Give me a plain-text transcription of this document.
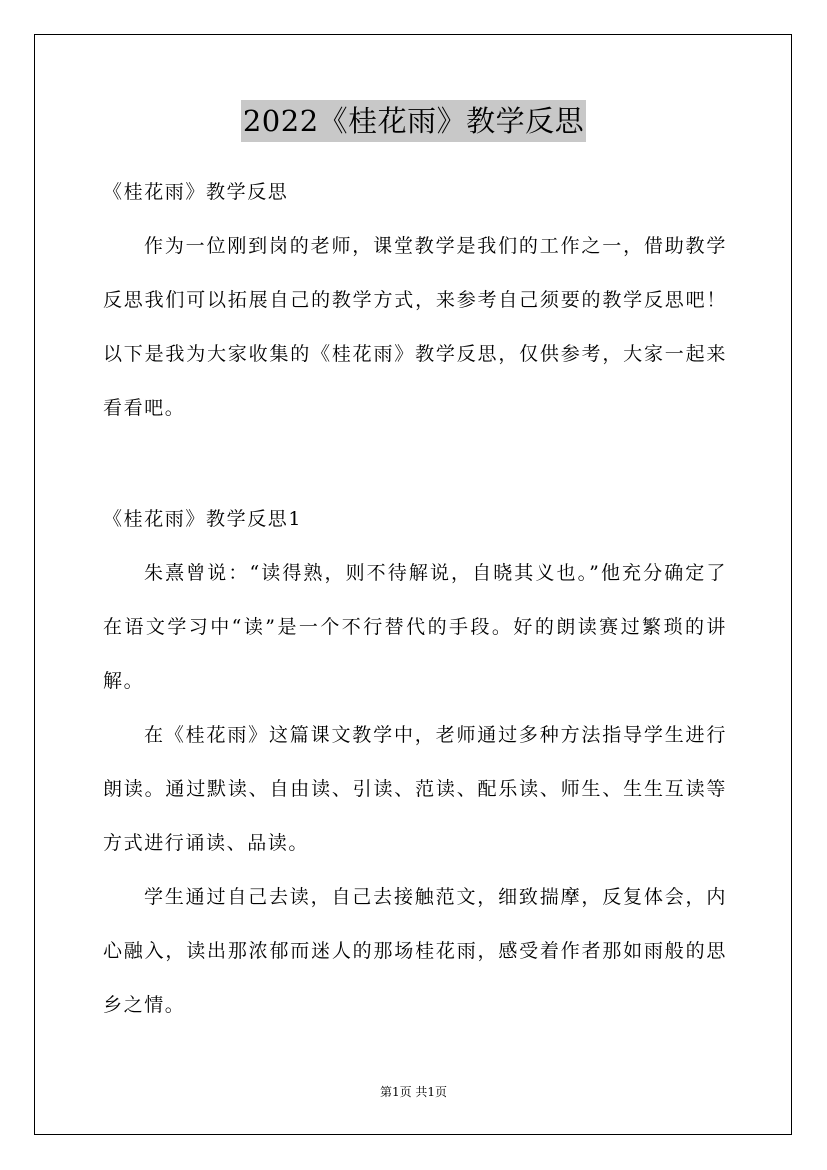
2022《桂花雨》教学反思

《桂花雨》教学反思

作为一位刚到岗的老师，课堂教学是我们的工作之一，借助教学反思我们可以拓展自己的教学方式，来参考自己须要的教学反思吧！以下是我为大家收集的《桂花雨》教学反思，仅供参考，大家一起来看看吧。

《桂花雨》教学反思1

朱熹曾说：“读得熟，则不待解说，自晓其义也。”他充分确定了在语文学习中“读”是一个不行替代的手段。好的朗读赛过繁琐的讲解。

在《桂花雨》这篇课文教学中，老师通过多种方法指导学生进行朗读。通过默读、自由读、引读、范读、配乐读、师生、生生互读等方式进行诵读、品读。

学生通过自己去读，自己去接触范文，细致揣摩，反复体会，内心融入，读出那浓郁而迷人的那场桂花雨，感受着作者那如雨般的思乡之情。

第1页 共1页
